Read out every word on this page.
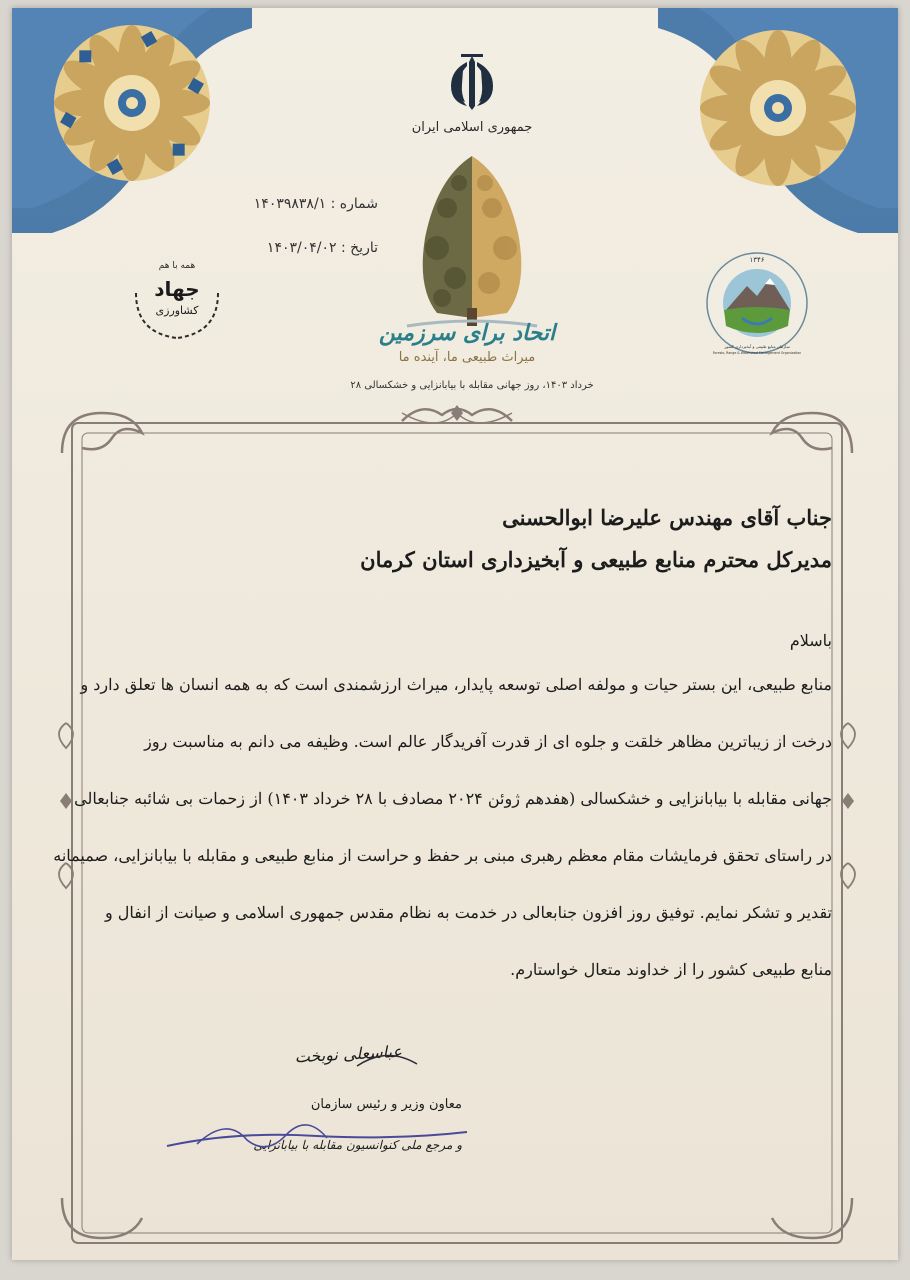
جمهوری اسلامی ایران
اتحاد برای سرزمین
میراث طبیعی ما، آینده ما
۲۸ خرداد ۱۴۰۳، روز جهانی مقابله با بیابانزایی و خشکسالی
شماره : ۱۴۰۳۹۸۳۸/۱
تاریخ : ۱۴۰۳/۰۴/۰۲
همه با هم
جهاد
کشاورزی
۱۳۴۶
سازمان منابع طبیعی و آبخیزداری کشور
Forests, Range & Watershed Management Organization
جناب آقای مهندس علیرضا ابوالحسنی
مدیرکل محترم منابع طبیعی و آبخیزداری استان کرمان
باسلام
منابع طبیعی، این بستر حیات و مولفه اصلی توسعه پایدار، میراث ارزشمندی است که به همه انسان ها تعلق دارد و
درخت از زیباترین مظاهر خلقت و جلوه ای از قدرت آفریدگار عالم است. وظیفه می دانم به مناسبت روز
جهانی مقابله با بیابانزایی و خشکسالی (هفدهم ژوئن ۲۰۲۴ مصادف با ۲۸ خرداد ۱۴۰۳) از زحمات بی شائبه جنابعالی
در راستای تحقق فرمایشات مقام معظم رهبری مبنی بر حفظ و حراست از منابع طبیعی و مقابله با بیابانزایی، صمیمانه
تقدیر و تشکر نمایم. توفیق روز افزون جنابعالی در خدمت به نظام مقدس جمهوری اسلامی و صیانت از انفال و
منابع طبیعی کشور را از خداوند متعال خواستارم.
عباسعلی نوبخت
معاون وزیر و رئیس سازمان
و مرجع ملی کنوانسیون مقابله با بیابانزایی
